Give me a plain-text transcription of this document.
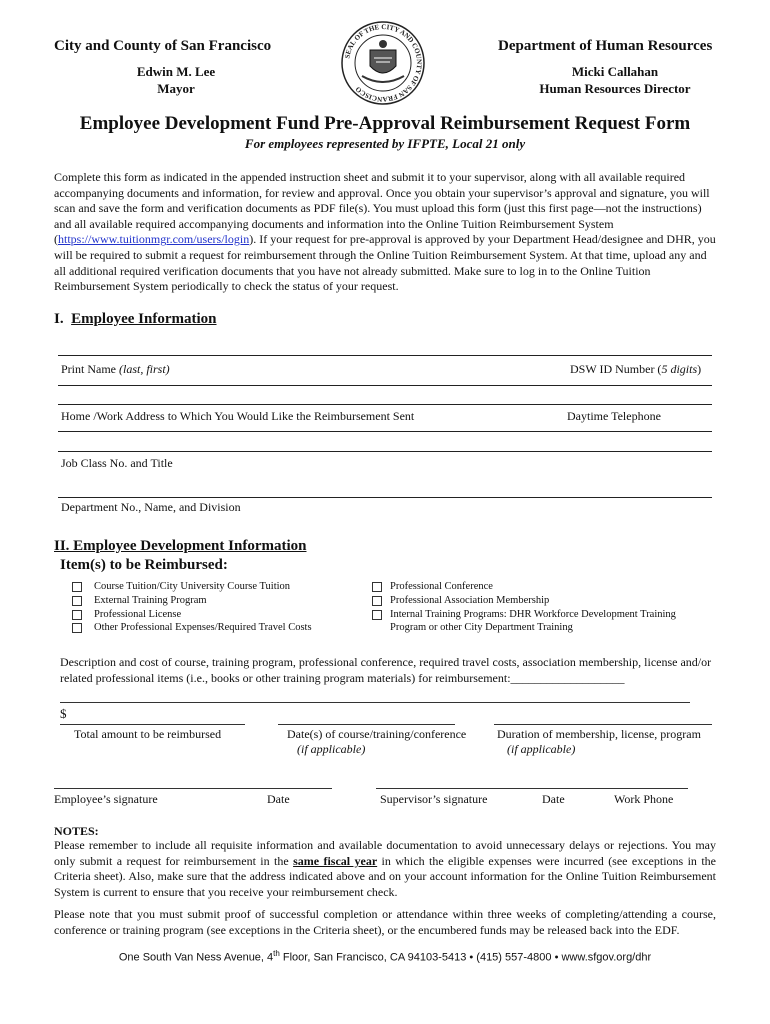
City and County of San Francisco
Edwin M. Lee
Mayor
Department of Human Resources
Micki Callahan
Human Resources Director
SEAL OF THE CITY AND COUNTY OF SAN FRANCISCO
Employee Development Fund Pre-Approval Reimbursement Request Form
For employees represented by IFPTE, Local 21 only
Complete this form as indicated in the appended instruction sheet and submit it to your supervisor, along with all available required accompanying documents and information, for review and approval. Once you obtain your supervisor’s approval and signature, you will scan and save the form and verification documents as PDF file(s). You must upload this form (just this first page—not the instructions) and all available required accompanying documents and information into the Online Tuition Reimbursement System (https://www.tuitionmgr.com/users/login). If your request for pre-approval is approved by your Department Head/designee and DHR, you will be required to submit a request for reimbursement through the Online Tuition Reimbursement System. At that time, upload any and all additional required verification documents that you have not already submitted. Make sure to log in to the Online Tuition Reimbursement System periodically to check the status of your request.
I. Employee Information
Print Name (last, first)	DSW ID Number (5 digits)
Home /Work Address to Which You Would Like the Reimbursement Sent	Daytime Telephone
Job Class No. and Title
Department No., Name, and Division
II. Employee Development Information
Item(s) to be Reimbursed:
Course Tuition/City University Course Tuition
External Training Program
Professional License
Other Professional Expenses/Required Travel Costs
Professional Conference
Professional Association Membership
Internal Training Programs: DHR Workforce Development Training
Program or other City Department Training
Description and cost of course, training program, professional conference, required travel costs, association membership, license and/or related professional items (i.e., books or other training program materials) for reimbursement:___________________
$
Total amount to be reimbursed	Date(s) of course/training/conference
(if applicable)
Duration of membership, license, program
(if applicable)
Employee’s signature	Date	Supervisor’s signature	Date	Work Phone
NOTES:
Please remember to include all requisite information and available documentation to avoid unnecessary delays or rejections. You may only submit a request for reimbursement in the same fiscal year in which the eligible expenses were incurred (see exceptions in the Criteria sheet). Also, make sure that the address indicated above and on your account information for the Online Tuition Reimbursement System is current to ensure that you receive your reimbursement check.
Please note that you must submit proof of successful completion or attendance within three weeks of completing/attending a course, conference or training program (see exceptions in the Criteria sheet), or the encumbered funds may be released back into the EDF.
One South Van Ness Avenue, 4th Floor, San Francisco, CA 94103-5413 • (415) 557-4800 • www.sfgov.org/dhr
